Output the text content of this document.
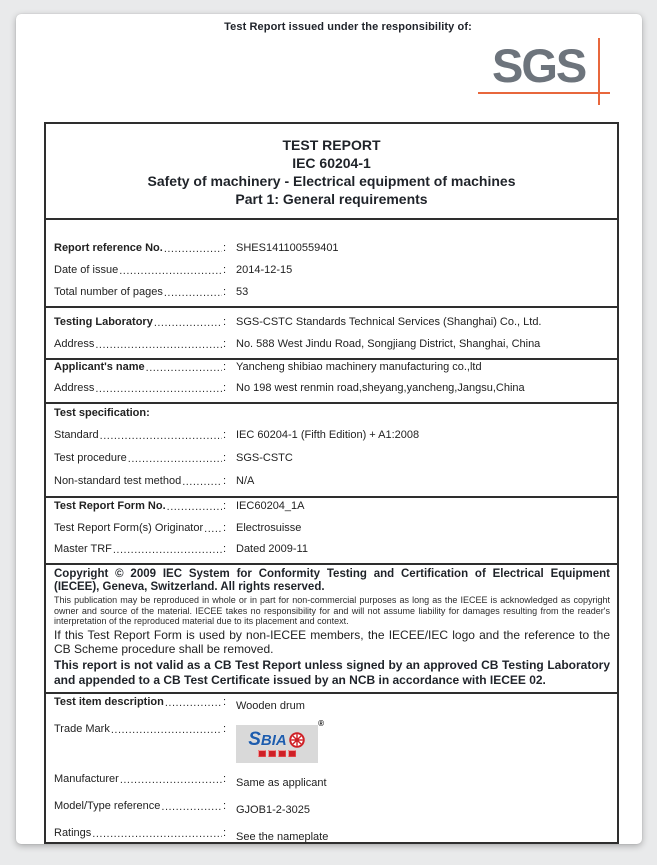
Test Report issued under the responsibility of:
SGS
TEST REPORT
IEC 60204-1
Safety of machinery - Electrical equipment of machines
Part 1: General requirements
Report reference No. .....	: SHES141100559401
Date of issue .....	: 2014-12-15
Total number of pages .....	: 53
Testing Laboratory .....	: SGS-CSTC Standards Technical Services (Shanghai) Co., Ltd.
Address .....	: No. 588 West Jindu Road, Songjiang District, Shanghai, China
Applicant's name .....	: Yancheng shibiao machinery manufacturing co.,ltd
Address .....	: No 198 west renmin road,sheyang,yancheng,Jangsu,China
Test specification:
Standard .....	: IEC 60204-1 (Fifth Edition) + A1:2008
Test procedure .....	: SGS-CSTC
Non-standard test method .....	: N/A
Test Report Form No. .....	: IEC60204_1A
Test Report Form(s) Originator ..... : Electrosuisse
Master TRF .....	: Dated 2009-11
Copyright © 2009 IEC System for Conformity Testing and Certification of Electrical Equipment (IECEE), Geneva, Switzerland. All rights reserved.
This publication may be reproduced in whole or in part for non-commercial purposes as long as the IECEE is acknowledged as copyright owner and source of the material. IECEE takes no responsibility for and will not assume liability for damages resulting from the reader's interpretation of the reproduced material due to its placement and context.
If this Test Report Form is used by non-IECEE members, the IECEE/IEC logo and the reference to the CB Scheme procedure shall be removed.
This report is not valid as a CB Test Report unless signed by an approved CB Testing Laboratory and appended to a CB Test Certificate issued by an NCB in accordance with IECEE 02.
Test item description .....	: Wooden drum
Trade Mark .....	:	®
SBIA
Manufacturer .....	: Same as applicant
Model/Type reference .....	: GJOB1-2-3025
Ratings .....	: See the nameplate
